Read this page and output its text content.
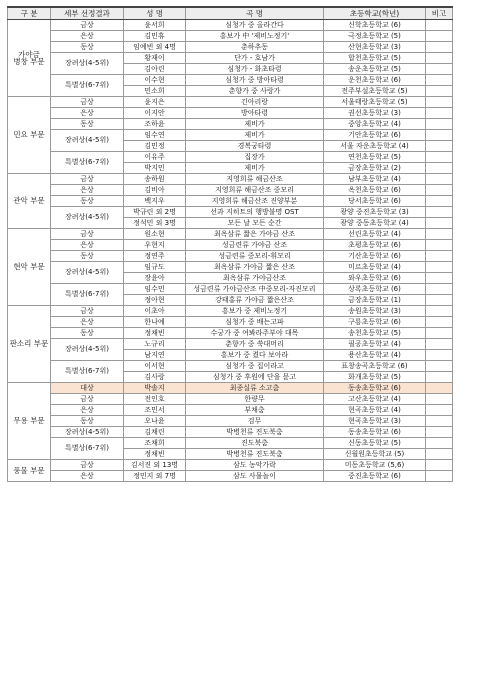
구 분	세부 선정결과	성 명	곡 명	초등학교(학년)	비고
가야금
병창 부문	금상	윤서희	심청가 중 올라간다	신학초등학교 (6)	
	은상	김민휴	흥보가 中 '제비노정기'	극정초등학교 (5)	
	동상	임예빈 외 4명	춘하추동	산현초등학교 (3)	
	장려상(4-5위)	황재이	단가 - 호남가	합천초등학교 (5)	
		김아린	심청가 - 화초타령	송운초등학교 (5)	
	특별상(6-7위)	이수현	심청가 중 방아타령	운천초등학교 (6)	
		민소희	춘향가 중 사랑가	전주부설초등학교 (5)	
민요 부문	금상	윤지은	긴아리랑	서울태랑초등학교 (5)	
	은상	이지안	방아타령	권선초등학교 (3)	
	동상	조하윤	제비가	중앙초등학교 (4)	
	장려상(4-5위)	임수연	제비가	기안초등학교 (6)	
		김민정	경복궁타령	서울 자운초등학교 (4)	
	특별상(6-7위)	이유주	집장가	연천초등학교 (5)	
		박지민	제비가	금장초등학교 (2)	
관악 부문	금상	송하원	지영희류 해금산조	남부초등학교 (4)	
	은상	김비아	지영희류 해금산조 중모리	옥천초등학교 (6)	
	동상	백지우	지영희류 해금산조 진양부분	당서초등학교 (6)	
	장려상(4-5위)	박규린 외 2명	선과 지히트의 행방불명 OST	광양 중진초등학교 (3)	
		정석민 외 3명	모든 날 모든 순간	광양 중동초등학교 (4)	
현악 부문	금상	원소현	최옥삼류 짧은 가야금 산조	선린초등학교 (4)	
	은상	우현지	성금련류 가야금 산조	초평초등학교 (6)	
	동상	정연주	성금련류 중모리-휘모리	기산초등학교 (6)	
	장려상(4-5위)	임규도	최옥삼류 가야금 짧은 산조	미르초등학교 (4)	
		장윤아	최옥삼류 가야금산조	와우초등학교 (6)	
	특별상(6-7위)	임수민	성금련류 가야금산조 中중모리-자진모리	상록초등학교 (6)	
		정아현	강태홍류 가야금 짧은산조	금장초등학교 (1)	
판소리 부문	금상	이초아	흥보가 중 제비노정기	송원초등학교 (3)	
	은상	한나예	심청가 중 배는고파	구룡초등학교 (6)	
	동상	정채빈	수궁가 중 여봐라주부야 대목	송천초등학교 (5)	
	장려상(4-5위)	노규리	춘향가 중 쑥대머리	필공초등학교 (4)	
		남지연	흥보가 중 켰다 보아라	용산초등학교 (4)	
	특별상(6-7위)	이서현	심청가 중 집이라고	표창송곡초등학교 (6)	
		김사랑	심청가 중 후원에 단을 묻고	화개초등학교 (5)	
무용 부문	대상	박솔지	최종실류 소고춤	동송초등학교 (6)	
	금상	전인호	한량무	고산초등학교 (4)	
	은상	조민서	부채춤	현곡초등학교 (4)	
	동상	오나윤	검무	현곡초등학교 (3)	
	장려상(4-5위)	김채린	박병천류 진도북춤	동송초등학교 (6)	
	특별상(6-7위)	조채희	진도북춤	신동초등학교 (5)	
		정채빈	박병천류 진도북춤	신월원초등학교 (5)	
풍물 부문	금상	김서진 외 13명	삼도 농악가락	미동초등학교 (5,6)	
	은상	정민지 외 7명	삼도 사물놀이	중진초등학교 (6)	
